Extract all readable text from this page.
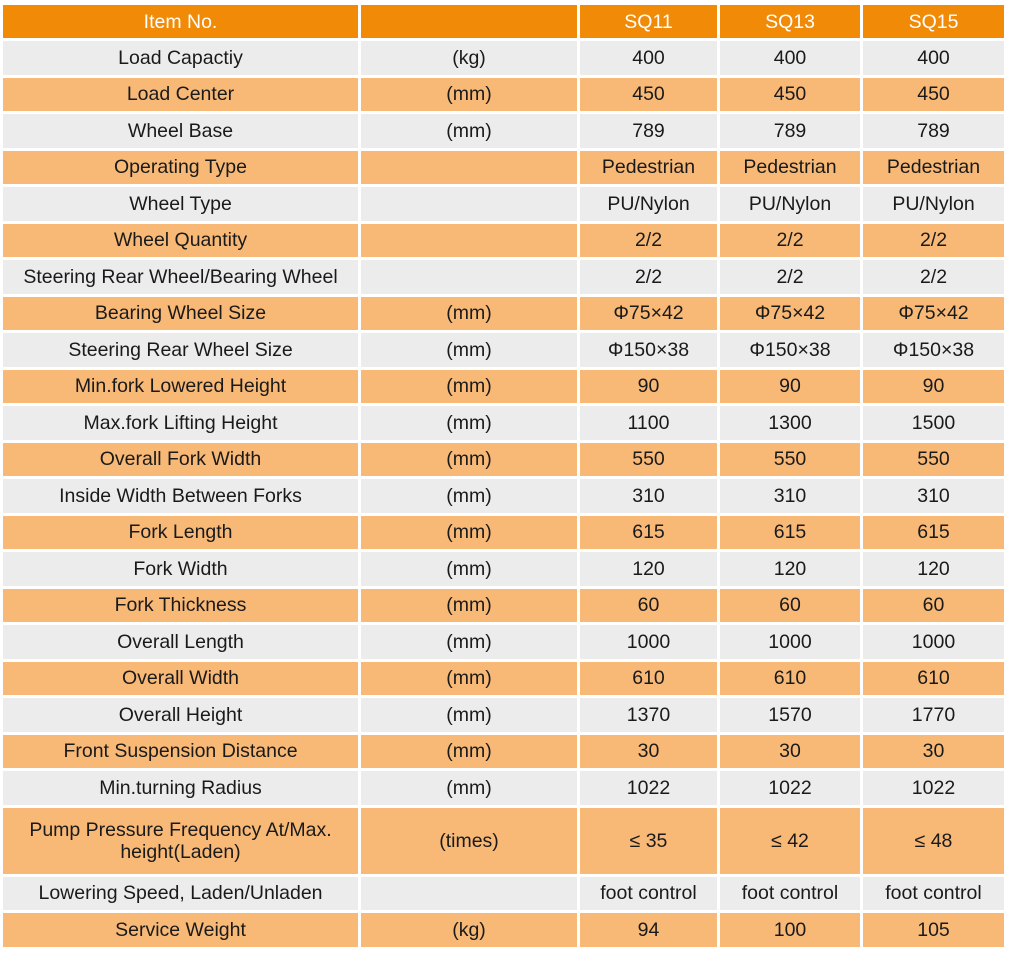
Item No.		SQ11	SQ13	SQ15
Load Capactiy	(kg)	400	400	400
Load Center	(mm)	450	450	450
Wheel Base	(mm)	789	789	789
Operating Type		Pedestrian	Pedestrian	Pedestrian
Wheel Type		PU/Nylon	PU/Nylon	PU/Nylon
Wheel Quantity		2/2	2/2	2/2
Steering Rear Wheel/Bearing Wheel		2/2	2/2	2/2
Bearing Wheel Size	(mm)	Φ75×42	Φ75×42	Φ75×42
Steering Rear Wheel Size	(mm)	Φ150×38	Φ150×38	Φ150×38
Min.fork Lowered Height	(mm)	90	90	90
Max.fork Lifting Height	(mm)	1100	1300	1500
Overall Fork Width	(mm)	550	550	550
Inside Width Between Forks	(mm)	310	310	310
Fork Length	(mm)	615	615	615
Fork Width	(mm)	120	120	120
Fork Thickness	(mm)	60	60	60
Overall Length	(mm)	1000	1000	1000
Overall Width	(mm)	610	610	610
Overall Height	(mm)	1370	1570	1770
Front Suspension Distance	(mm)	30	30	30
Min.turning Radius	(mm)	1022	1022	1022
Pump Pressure Frequency At/Max. height(Laden)	(times)	≤ 35	≤ 42	≤ 48
Lowering Speed, Laden/Unladen		foot control	foot control	foot control
Service Weight	(kg)	94	100	105
